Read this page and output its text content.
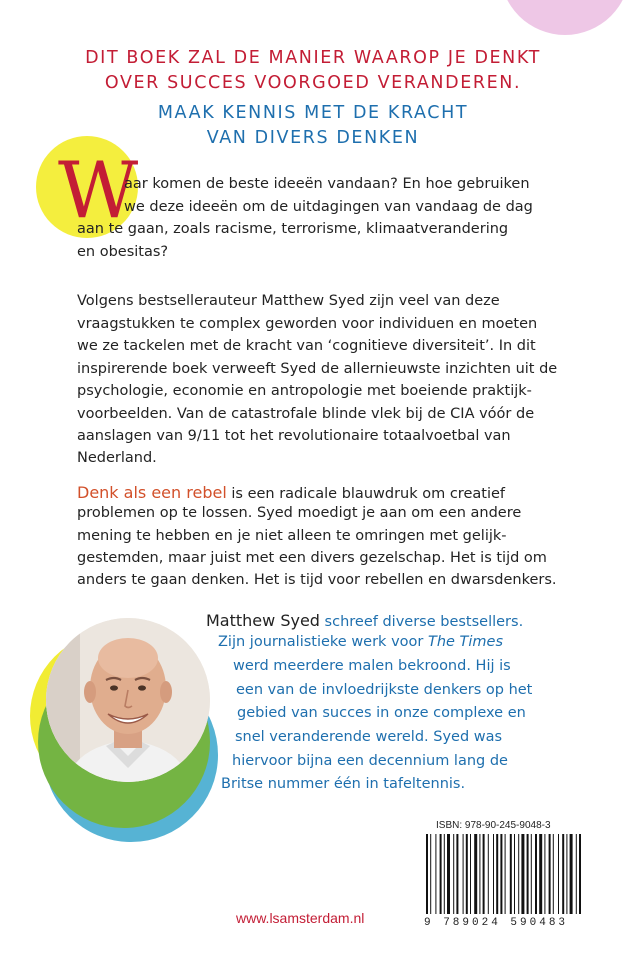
DIT BOEK ZAL DE MANIER WAAROP JE DENKT
OVER SUCCES VOORGOED VERANDEREN.
MAAK KENNIS MET DE KRACHT
VAN DIVERS DENKEN
W
aar komen de beste ideeën vandaan? En hoe gebruiken
we deze ideeën om de uitdagingen van vandaag de dag
aan te gaan, zoals racisme, terrorisme, klimaatverandering
en obesitas?
Volgens bestsellerauteur Matthew Syed zijn veel van deze
vraagstukken te complex geworden voor individuen en moeten
we ze tackelen met de kracht van ‘cognitieve diversiteit’. In dit
inspirerende boek verweeft Syed de allernieuwste inzichten uit de
psychologie, economie en antropologie met boeiende praktijk-
voorbeelden. Van de catastrofale blinde vlek bij de CIA vóór de
aanslagen van 9/11 tot het revolutionaire totaalvoetbal van
Nederland.
Denk als een rebel is een radicale blauwdruk om creatief
problemen op te lossen. Syed moedigt je aan om een andere
mening te hebben en je niet alleen te omringen met gelijk-
gestemden, maar juist met een divers gezelschap. Het is tijd om
anders te gaan denken. Het is tijd voor rebellen en dwarsdenkers.
Matthew Syed schreef diverse bestsellers.
Zijn journalistieke werk voor The Times
werd meerdere malen bekroond. Hij is
een van de invloedrijkste denkers op het
gebied van succes in onze complexe en
snel veranderende wereld. Syed was
hiervoor bijna een decennium lang de
Britse nummer één in tafeltennis.
ISBN: 978-90-245-9048-3
9 789024 590483
www.lsamsterdam.nl
